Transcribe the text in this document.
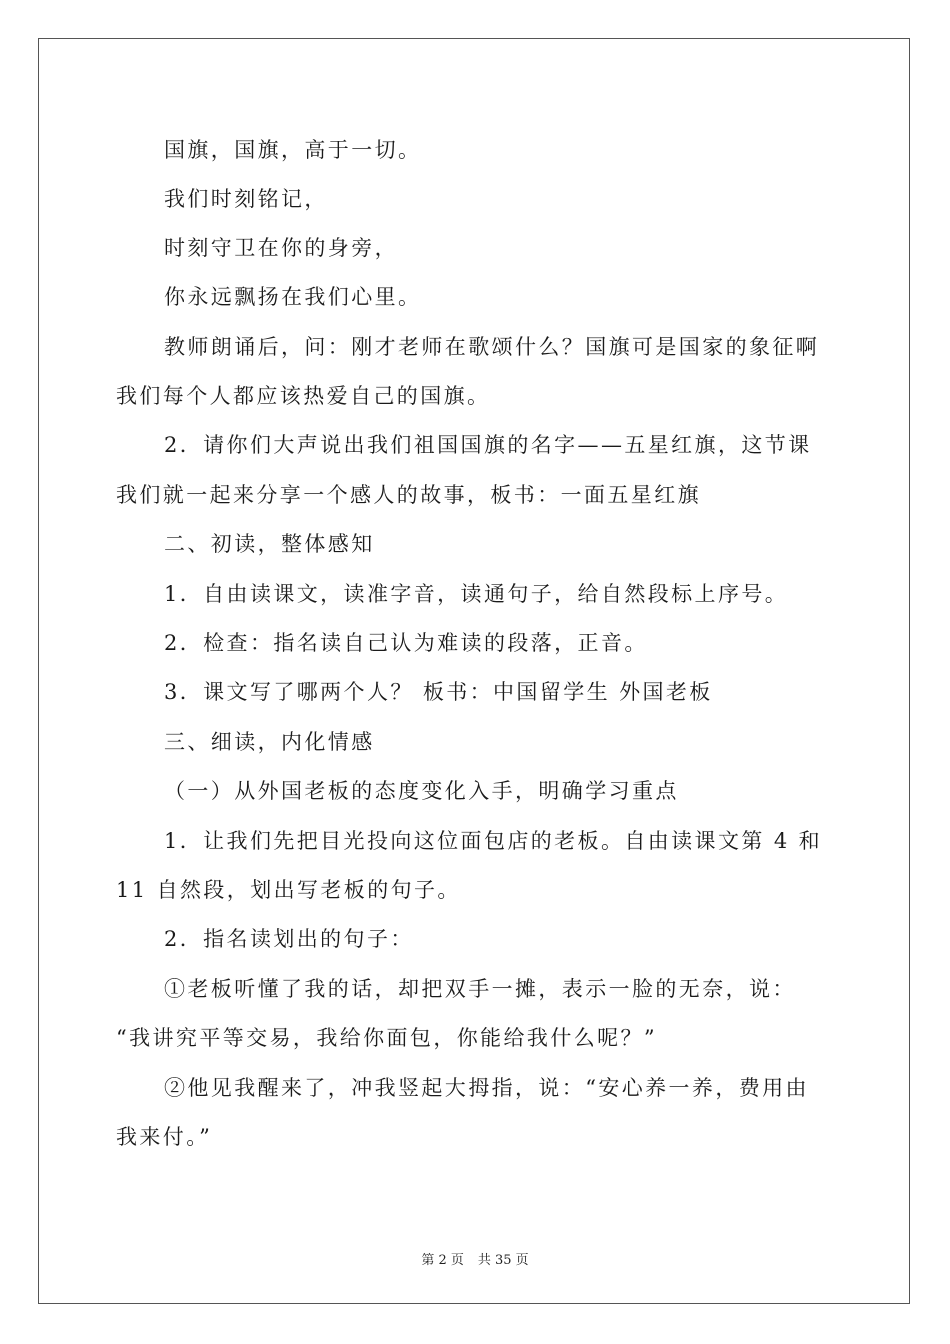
国旗，国旗，高于一切。
我们时刻铭记，
时刻守卫在你的身旁，
你永远飘扬在我们心里。
教师朗诵后，问：刚才老师在歌颂什么？国旗可是国家的象征啊
我们每个人都应该热爱自己的国旗。
2．请你们大声说出我们祖国国旗的名字——五星红旗，这节课
我们就一起来分享一个感人的故事，板书：一面五星红旗
二、初读，整体感知
1．自由读课文，读准字音，读通句子，给自然段标上序号。
2．检查：指名读自己认为难读的段落，正音。
3．课文写了哪两个人？ 板书：中国留学生 外国老板
三、细读，内化情感
（一）从外国老板的态度变化入手，明确学习重点
1．让我们先把目光投向这位面包店的老板。自由读课文第 4 和
11 自然段，划出写老板的句子。
2．指名读划出的句子：
①老板听懂了我的话，却把双手一摊，表示一脸的无奈，说：
“我讲究平等交易，我给你面包，你能给我什么呢？”
②他见我醒来了，冲我竖起大拇指，说：“安心养一养，费用由
我来付。”
第 2 页 共 35 页
